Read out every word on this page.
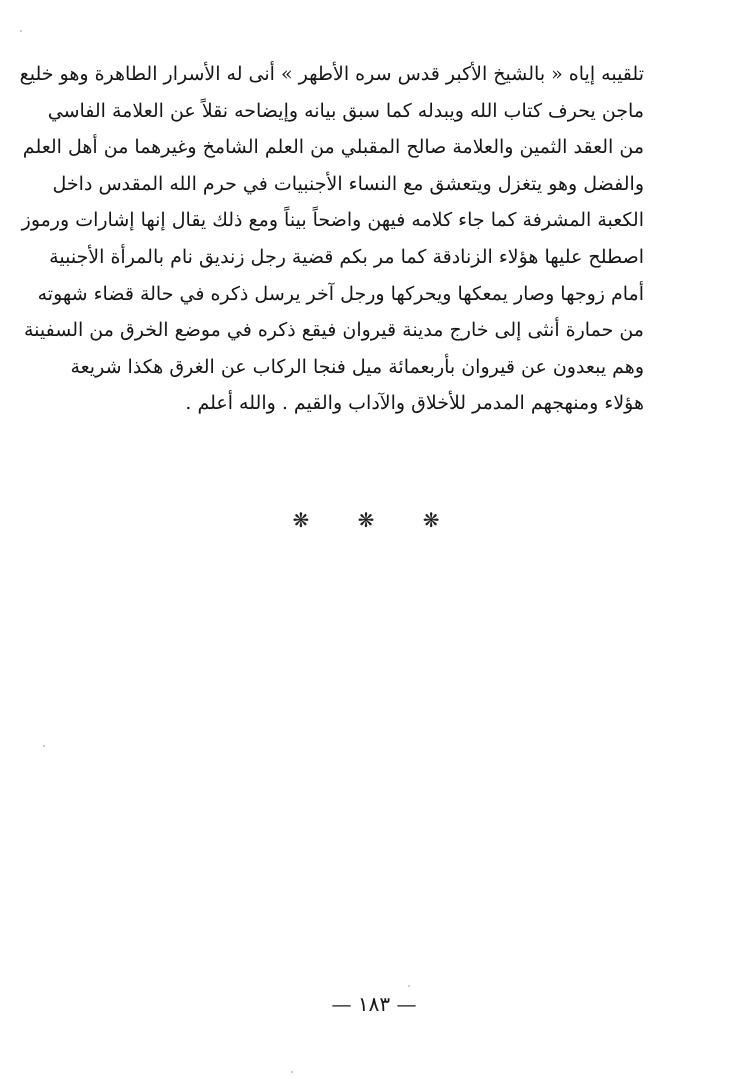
تلقيبه إياه « بالشيخ الأكبر قدس سره الأطهر » أنى له الأسرار الطاهرة وهو خليع
ماجن يحرف كتاب الله ويبدله كما سبق بيانه وإيضاحه نقلاً عن العلامة الفاسي
من العقد الثمين والعلامة صالح المقبلي من العلم الشامخ وغيرهما من أهل العلم
والفضل وهو يتغزل ويتعشق مع النساء الأجنبيات في حرم الله المقدس داخل
الكعبة المشرفة كما جاء كلامه فيهن واضحاً بيناً ومع ذلك يقال إنها إشارات ورموز
اصطلح عليها هؤلاء الزنادقة كما مر بكم قضية رجل زنديق نام بالمرأة الأجنبية
أمام زوجها وصار يمعكها ويحركها ورجل آخر يرسل ذكره في حالة قضاء شهوته
من حمارة أنثى إلى خارج مدينة قيروان فيقع ذكره في موضع الخرق من السفينة
وهم يبعدون عن قيروان بأربعمائة ميل فنجا الركاب عن الغرق هكذا شريعة
هؤلاء ومنهجهم المدمر للأخلاق والآداب والقيم . والله أعلم .
❋ ❋ ❋
— ١٨٣ —
